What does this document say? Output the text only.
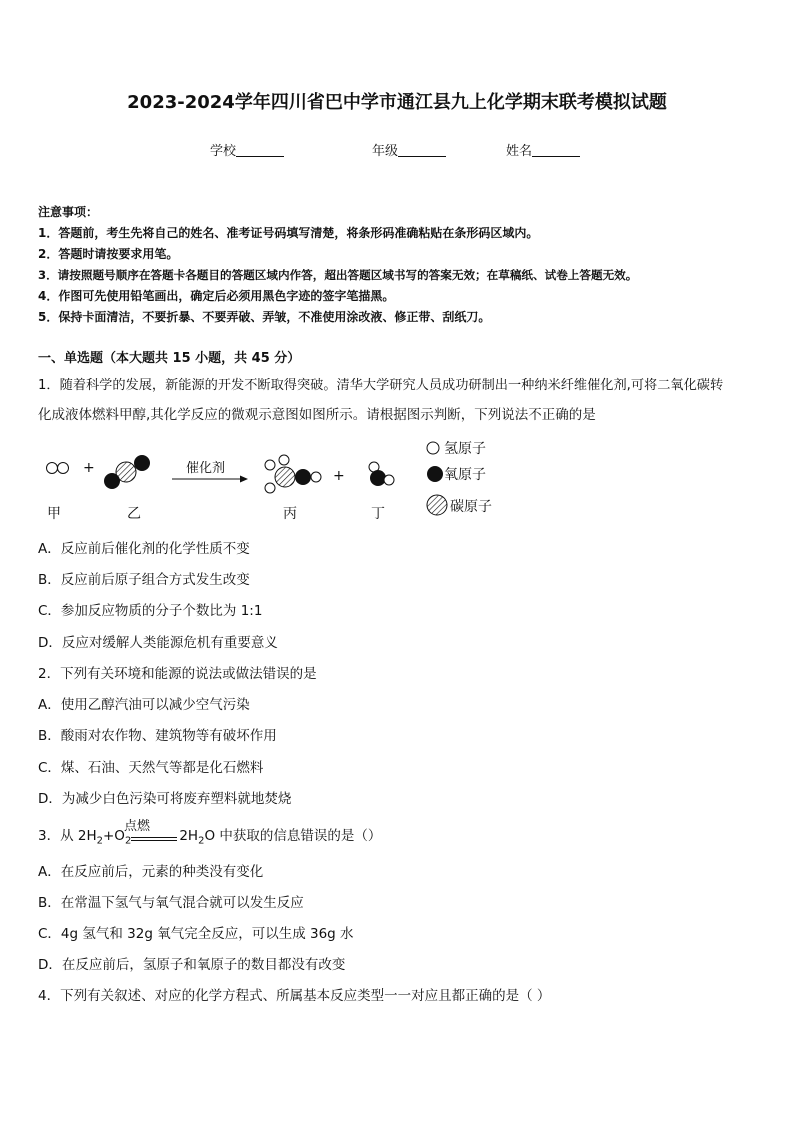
2023-2024学年四川省巴中学市通江县九上化学期末联考模拟试题
学校	年级	姓名
注意事项：
1．答题前，考生先将自己的姓名、准考证号码填写清楚，将条形码准确粘贴在条形码区域内。
2．答题时请按要求用笔。
3．请按照题号顺序在答题卡各题目的答题区域内作答，超出答题区域书写的答案无效；在草稿纸、试卷上答题无效。
4．作图可先使用铅笔画出，确定后必须用黑色字迹的签字笔描黑。
5．保持卡面清洁，不要折暴、不要弄破、弄皱，不准使用涂改液、修正带、刮纸刀。
一、单选题（本大题共 15 小题，共 45 分）
1．随着科学的发展，新能源的开发不断取得突破。清华大学研究人员成功研制出一种纳米纤维催化剂,可将二氧化碳转
化成液体燃料甲醇,其化学反应的微观示意图如图所示。请根据图示判断，下列说法不正确的是
+	+
催化剂
甲	乙	丙	丁
氢原子
氧原子
碳原子
A．反应前后催化剂的化学性质不变
B．反应前后原子组合方式发生改变
C．参加反应物质的分子个数比为 1:1
D．反应对缓解人类能源危机有重要意义
2．下列有关环境和能源的说法或做法错误的是
A．使用乙醇汽油可以减少空气污染
B．酸雨对农作物、建筑物等有破坏作用
C．煤、石油、天然气等都是化石燃料
D．为减少白色污染可将废弃塑料就地焚烧
3．从 $2H_2+O_2$	$2H_2O$ 中获取的信息错误的是（）
点燃
A．在反应前后，元素的种类没有变化
B．在常温下氢气与氧气混合就可以发生反应
C．4g 氢气和 32g 氧气完全反应，可以生成 36g 水
D．在反应前后，氢原子和氧原子的数目都没有改变
4．下列有关叙述、对应的化学方程式、所属基本反应类型一一对应且都正确的是（ ）
